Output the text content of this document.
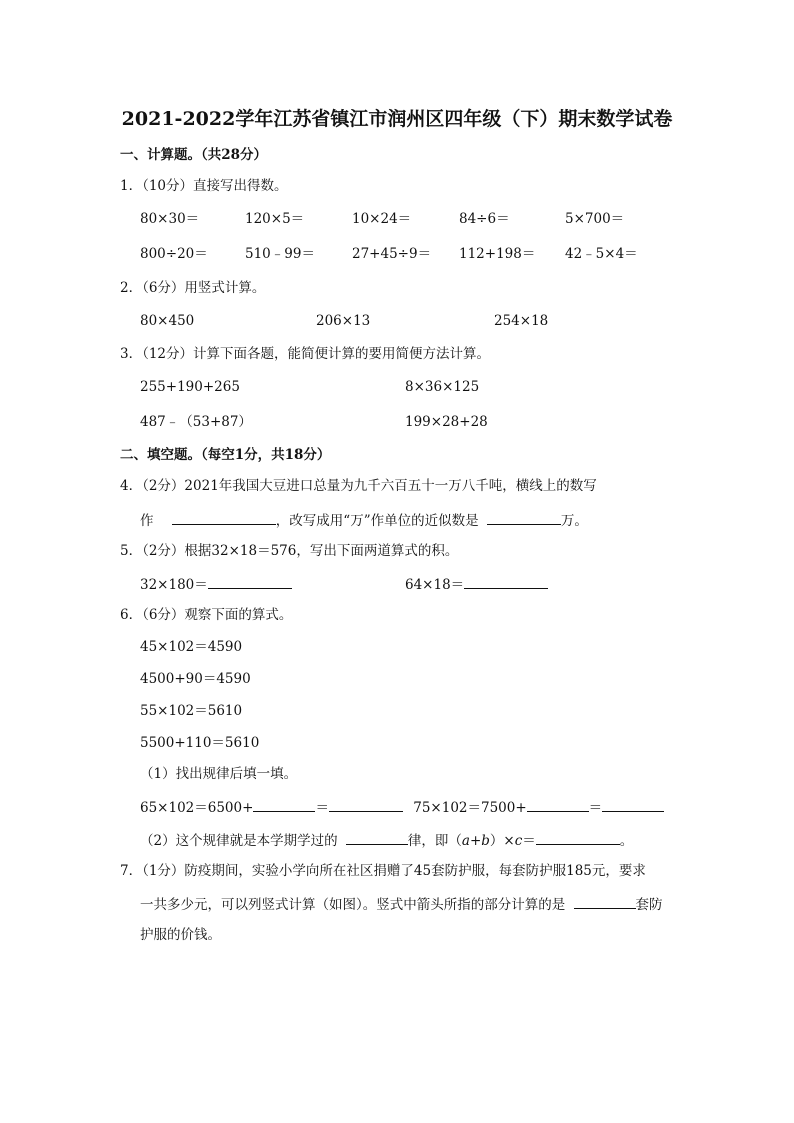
2021-2022学年江苏省镇江市润州区四年级（下）期末数学试卷
一、计算题。（共28分）
1．（10分）直接写出得数。
80×30＝	120×5＝	10×24＝	84÷6＝	5×700＝
800÷20＝	510﹣99＝	27+45÷9＝ 112+198＝ 42﹣5×4＝
2．（6分）用竖式计算。
80×450	206×13	254×18
3．（12分）计算下面各题，能简便计算的要用简便方法计算。
255+190+265	8×36×125
487﹣（53+87）	199×28+28
二、填空题。（每空1分，共18分）
4．（2分）2021年我国大豆进口总量为九千六百五十一万八千吨，横线上的数写
作	，改写成用“万”作单位的近似数是	万。
5．（2分）根据32×18＝576，写出下面两道算式的积。
32×180＝	64×18＝
6．（6分）观察下面的算式。
45×102＝4590
4500+90＝4590
55×102＝5610
5500+110＝5610
（1）找出规律后填一填。
65×102＝6500+	＝	75×102＝7500+	＝
（2）这个规律就是本学期学过的	律，即（a+b）×c＝	。
7．（1分）防疫期间，实验小学向所在社区捐赠了45套防护服，每套防护服185元，要求
一共多少元，可以列竖式计算（如图）。竖式中箭头所指的部分计算的是	套防
护服的价钱。
